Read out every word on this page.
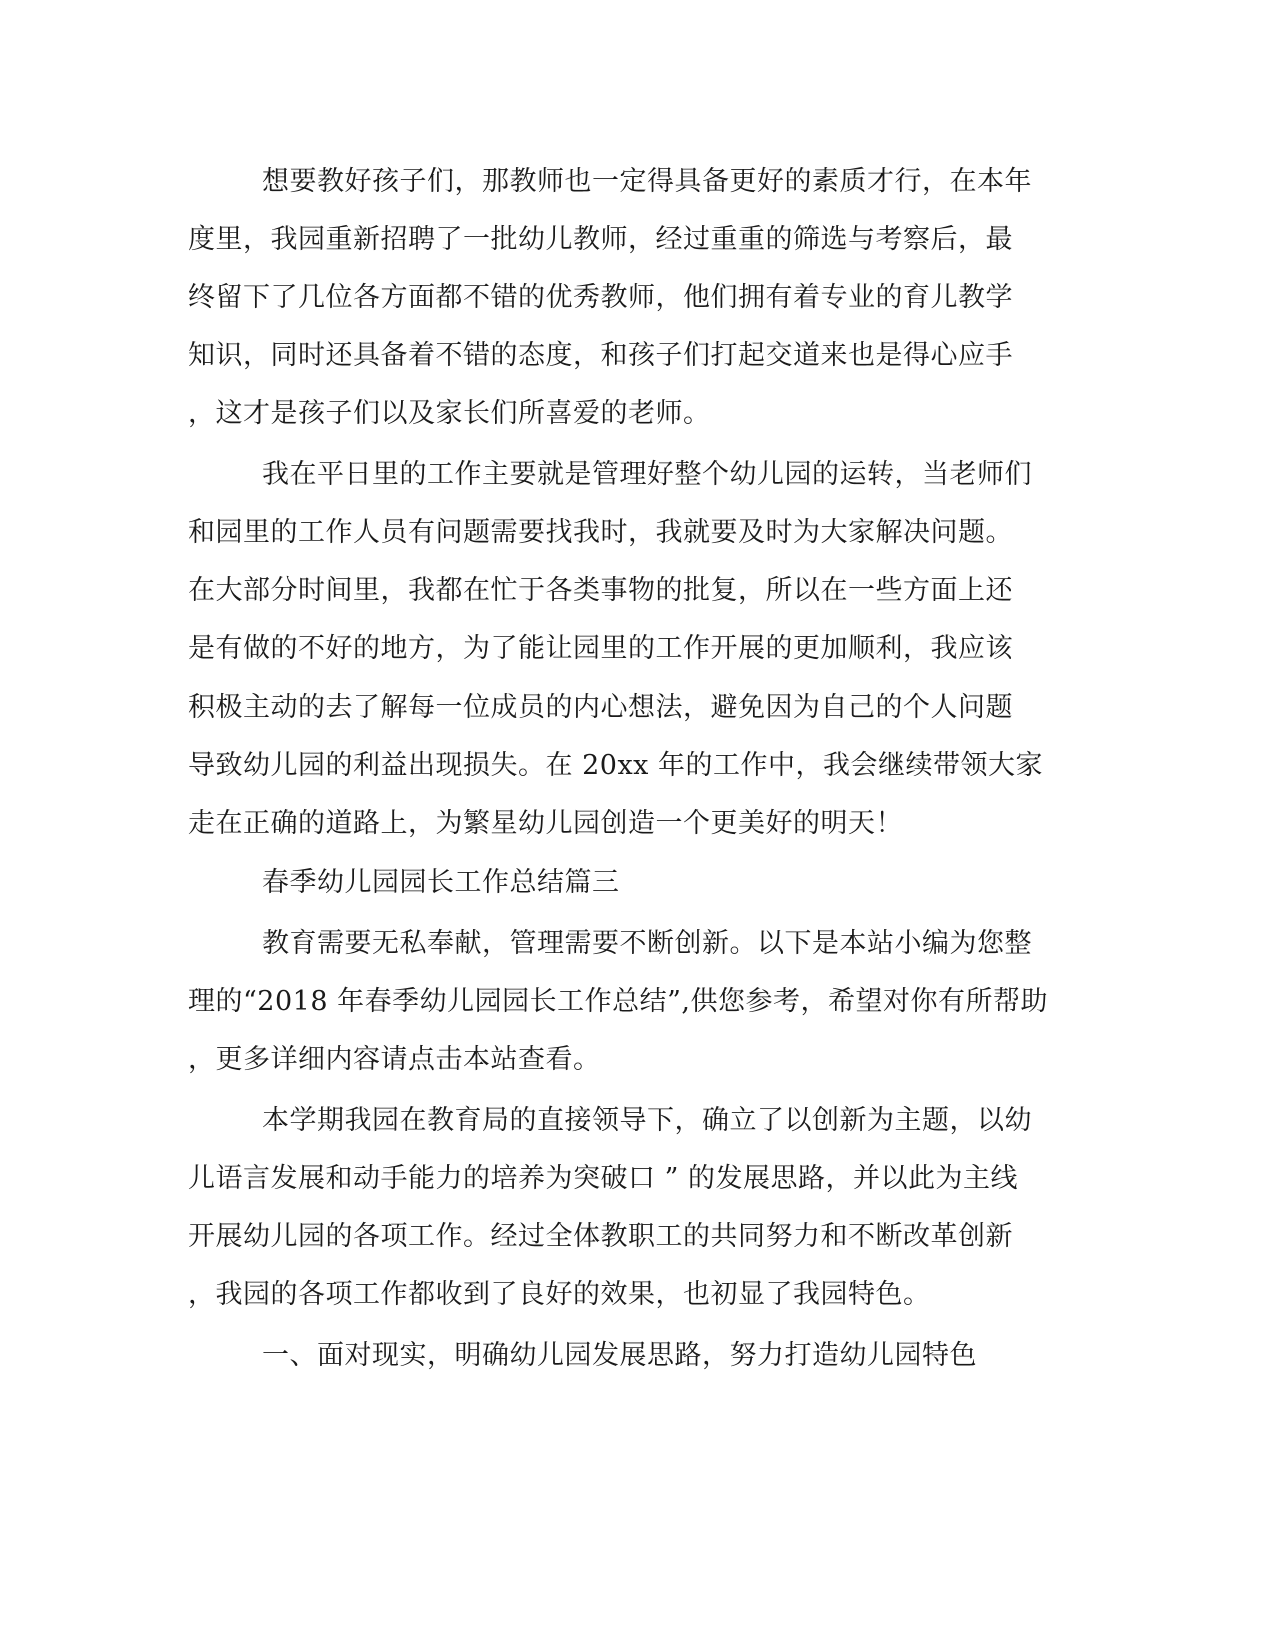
想要教好孩子们，那教师也一定得具备更好的素质才行，在本年
度里，我园重新招聘了一批幼儿教师，经过重重的筛选与考察后，最
终留下了几位各方面都不错的优秀教师，他们拥有着专业的育儿教学
知识，同时还具备着不错的态度，和孩子们打起交道来也是得心应手
，这才是孩子们以及家长们所喜爱的老师。
我在平日里的工作主要就是管理好整个幼儿园的运转，当老师们
和园里的工作人员有问题需要找我时，我就要及时为大家解决问题。
在大部分时间里，我都在忙于各类事物的批复，所以在一些方面上还
是有做的不好的地方，为了能让园里的工作开展的更加顺利，我应该
积极主动的去了解每一位成员的内心想法，避免因为自己的个人问题
导致幼儿园的利益出现损失。在 20xx 年的工作中，我会继续带领大家
走在正确的道路上，为繁星幼儿园创造一个更美好的明天！
春季幼儿园园长工作总结篇三
教育需要无私奉献，管理需要不断创新。以下是本站小编为您整
理的“2018 年春季幼儿园园长工作总结”,供您参考，希望对你有所帮助
，更多详细内容请点击本站查看。
本学期我园在教育局的直接领导下，确立了以创新为主题，以幼
儿语言发展和动手能力的培养为突破口 ” 的发展思路，并以此为主线
开展幼儿园的各项工作。经过全体教职工的共同努力和不断改革创新
，我园的各项工作都收到了良好的效果，也初显了我园特色。
一、面对现实，明确幼儿园发展思路，努力打造幼儿园特色
